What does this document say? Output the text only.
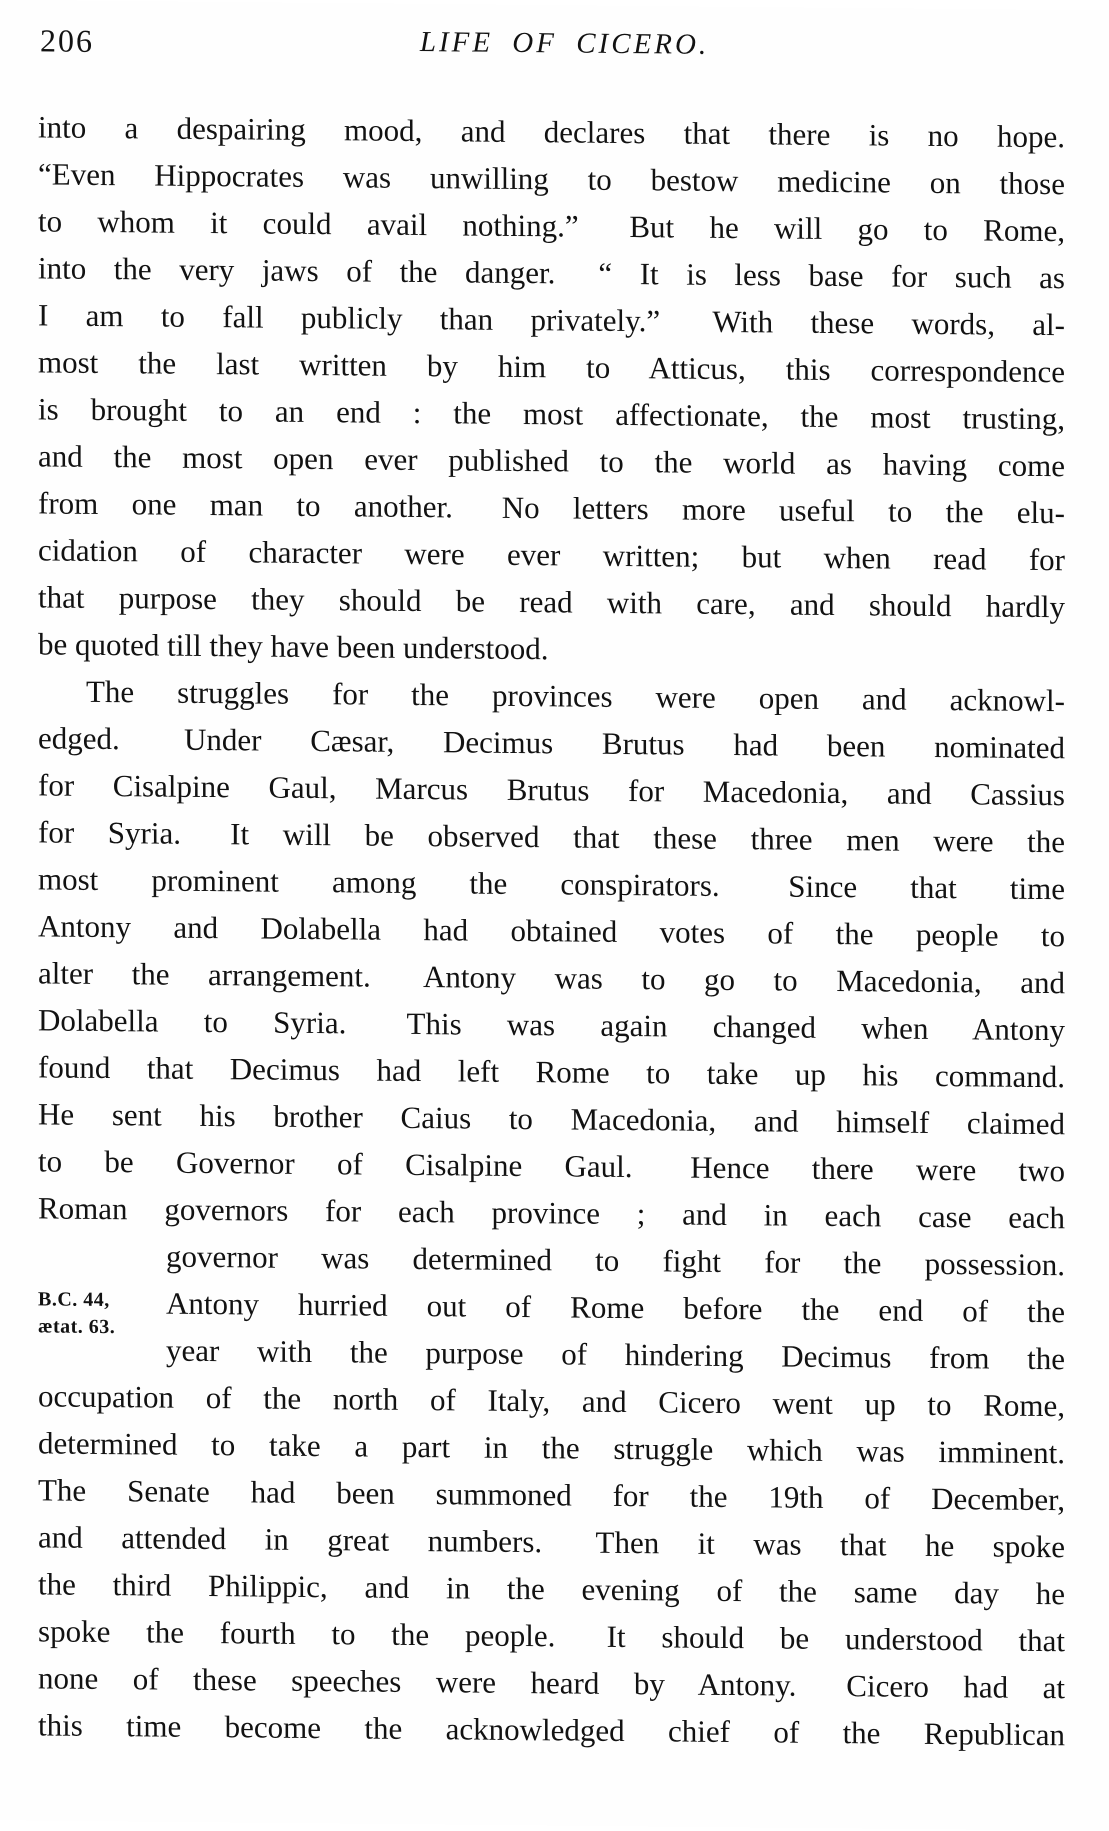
206	LIFE OF CICERO.
into a despairing mood, and declares that there is no hope.
“Even Hippocrates was unwilling to bestow medicine on those
to whom it could avail nothing.”  But he will go to Rome,
into the very jaws of the danger.  “ It is less base for such as
I am to fall publicly than privately.”  With these words, al-
most the last written by him to Atticus, this correspondence
is brought to an end : the most affectionate, the most trusting,
and the most open ever published to the world as having come
from one man to another.  No letters more useful to the elu-
cidation of character were ever written; but when read for
that purpose they should be read with care, and should hardly
be quoted till they have been understood.
The struggles for the provinces were open and acknowl-
edged.  Under Cæsar, Decimus Brutus had been nominated
for Cisalpine Gaul, Marcus Brutus for Macedonia, and Cassius
for Syria.  It will be observed that these three men were the
most prominent among the conspirators.  Since that time
Antony and Dolabella had obtained votes of the people to
alter the arrangement.  Antony was to go to Macedonia, and
Dolabella to Syria.  This was again changed when Antony
found that Decimus had left Rome to take up his command.
He sent his brother Caius to Macedonia, and himself claimed
to be Governor of Cisalpine Gaul.  Hence there were two
Roman governors for each province ; and in each case each
governor was determined to fight for the possession.
Antony hurried out of Rome before the end of the
year with the purpose of hindering Decimus from the
occupation of the north of Italy, and Cicero went up to Rome,
determined to take a part in the struggle which was imminent.
The Senate had been summoned for the 19th of December,
and attended in great numbers.  Then it was that he spoke
the third Philippic, and in the evening of the same day he
spoke the fourth to the people.  It should be understood that
none of these speeches were heard by Antony.  Cicero had at
this time become the acknowledged chief of the Republican
B.C. 44,
ætat. 63.
